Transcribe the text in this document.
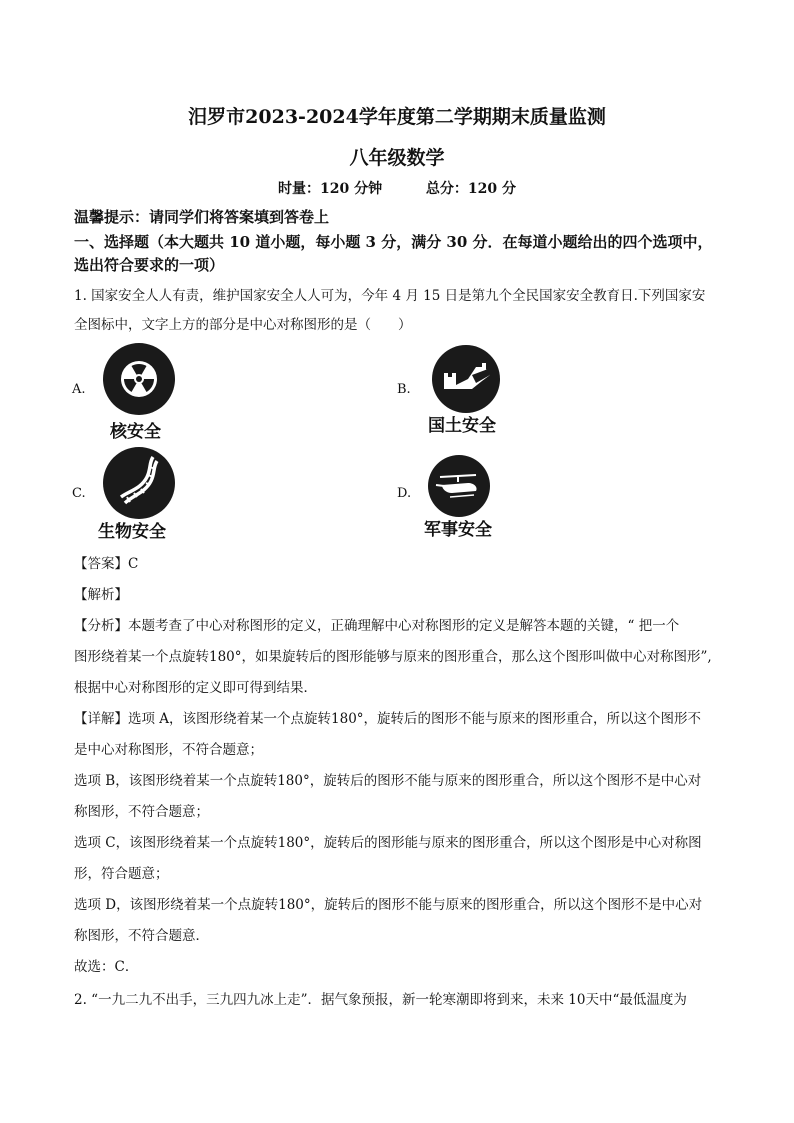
汨罗市2023-2024学年度第二学期期末质量监测
八年级数学
时量：120 分钟	总分：120 分
温馨提示：请同学们将答案填到答卷上
一、选择题（本大题共 10 道小题，每小题 3 分，满分 30 分．在每道小题给出的四个选项中，
选出符合要求的一项）
1. 国家安全人人有责，维护国家安全人人可为，今年 4 月 15 日是第九个全民国家安全教育日.下列国家安
全图标中，文字上方的部分是中心对称图形的是（　　）
A.
核安全
B.
国土安全
C.
生物安全
D.
军事安全
【答案】C
【解析】
【分析】本题考查了中心对称图形的定义，正确理解中心对称图形的定义是解答本题的关键，“ 把一个
图形绕着某一个点旋转180°，如果旋转后的图形能够与原来的图形重合，那么这个图形叫做中心对称图形”,
根据中心对称图形的定义即可得到结果．
【详解】选项 A，该图形绕着某一个点旋转180°，旋转后的图形不能与原来的图形重合，所以这个图形不
是中心对称图形，不符合题意；
选项 B，该图形绕着某一个点旋转180°，旋转后的图形不能与原来的图形重合，所以这个图形不是中心对
称图形，不符合题意；
选项 C，该图形绕着某一个点旋转180°，旋转后的图形能与原来的图形重合，所以这个图形是中心对称图
形，符合题意；
选项 D，该图形绕着某一个点旋转180°，旋转后的图形不能与原来的图形重合，所以这个图形不是中心对
称图形，不符合题意．
故选：C．
2. “一九二九不出手，三九四九冰上走”．据气象预报，新一轮寒潮即将到来，未来 10天中“最低温度为
